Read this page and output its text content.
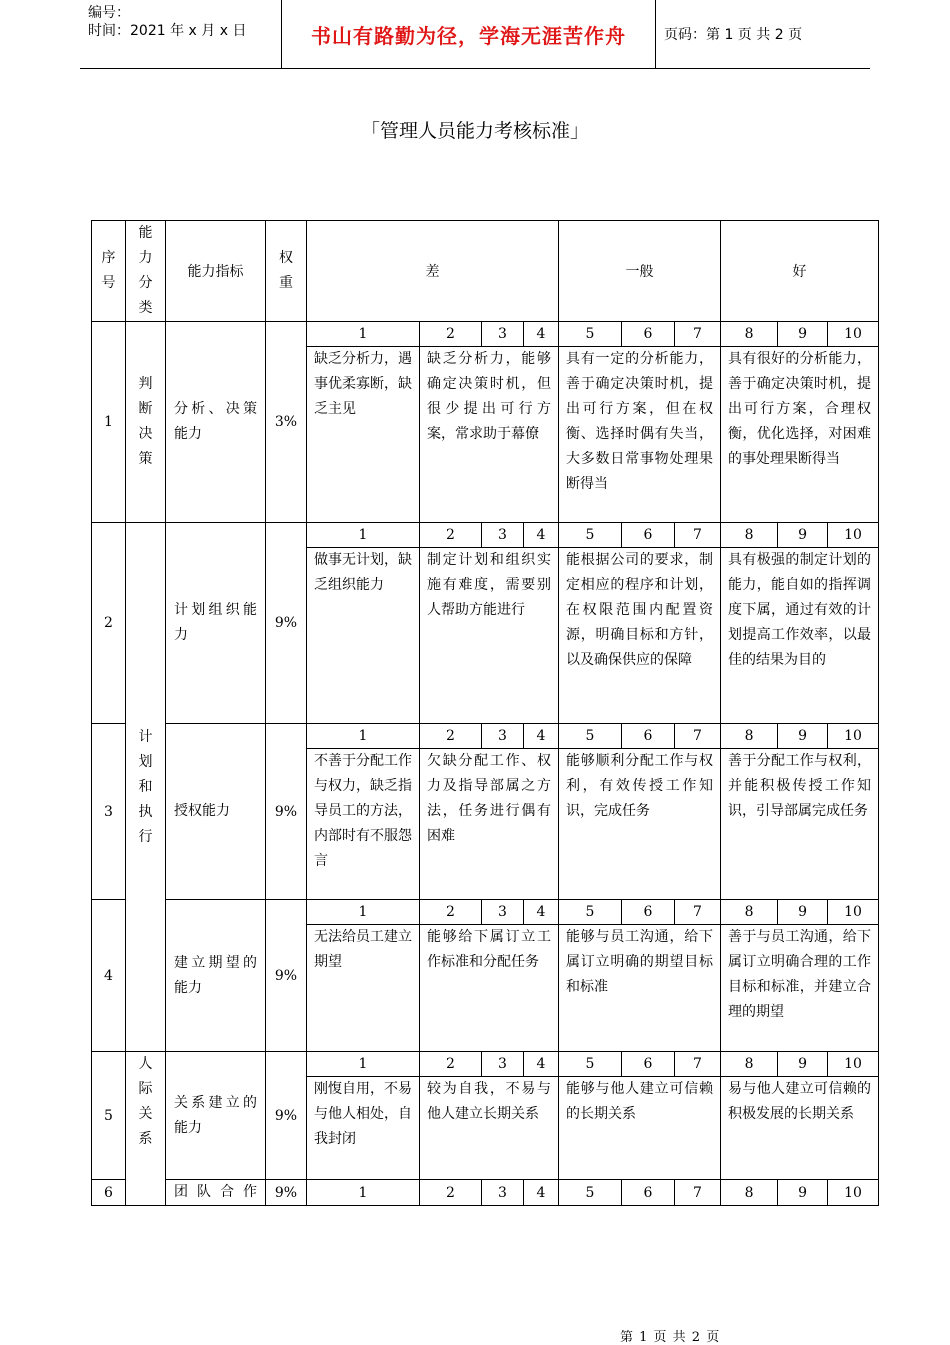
编号：
时间：2021 年 x 月 x 日	书山有路勤为径，学海无涯苦作舟	页码：第 1 页 共 2 页
「管理人员能力考核标准」
序号	能力分类	能力指标	权重	差				一般			好		
1	判断决策	分析、决策能力	3%	1	2	3	4	5	6	7	8	9	10
				缺乏分析力，遇事优柔寡断，缺乏主见	缺乏分析力，能够确定决策时机，但很少提出可行方案，常求助于幕僚			具有一定的分析能力，善于确定决策时机，提出可行方案，但在权衡、选择时偶有失当，大多数日常事物处理果断得当			具有很好的分析能力，善于确定决策时机，提出可行方案，合理权衡，优化选择，对困难的事处理果断得当		
2	计划和执行	计划组织能力	9%	1	2	3	4	5	6	7	8	9	10
				做事无计划，缺乏组织能力	制定计划和组织实施有难度，需要别人帮助方能进行			能根据公司的要求，制定相应的程序和计划，在权限范围内配置资源，明确目标和方针，以及确保供应的保障			具有极强的制定计划的能力，能自如的指挥调度下属，通过有效的计划提高工作效率，以最佳的结果为目的		
3		授权能力	9%	1	2	3	4	5	6	7	8	9	10
				不善于分配工作与权力，缺乏指导员工的方法，内部时有不服怨言	欠缺分配工作、权力及指导部属之方法，任务进行偶有困难			能够顺利分配工作与权利，有效传授工作知识，完成任务			善于分配工作与权利，并能积极传授工作知识，引导部属完成任务		
4		建立期望的能力	9%	1	2	3	4	5	6	7	8	9	10
				无法给员工建立期望	能够给下属订立工作标准和分配任务			能够与员工沟通，给下属订立明确的期望目标和标准			善于与员工沟通，给下属订立明确合理的工作目标和标准，并建立合理的期望		
5	人际关系	关系建立的能力	9%	1	2	3	4	5	6	7	8	9	10
				刚愎自用，不易与他人相处，自我封闭	较为自我，不易与他人建立长期关系			能够与他人建立可信赖的长期关系			易与他人建立可信赖的积极发展的长期关系		
6		团队合作	9%	1	2	3	4	5	6	7	8	9	10
第 1 页 共 2 页
